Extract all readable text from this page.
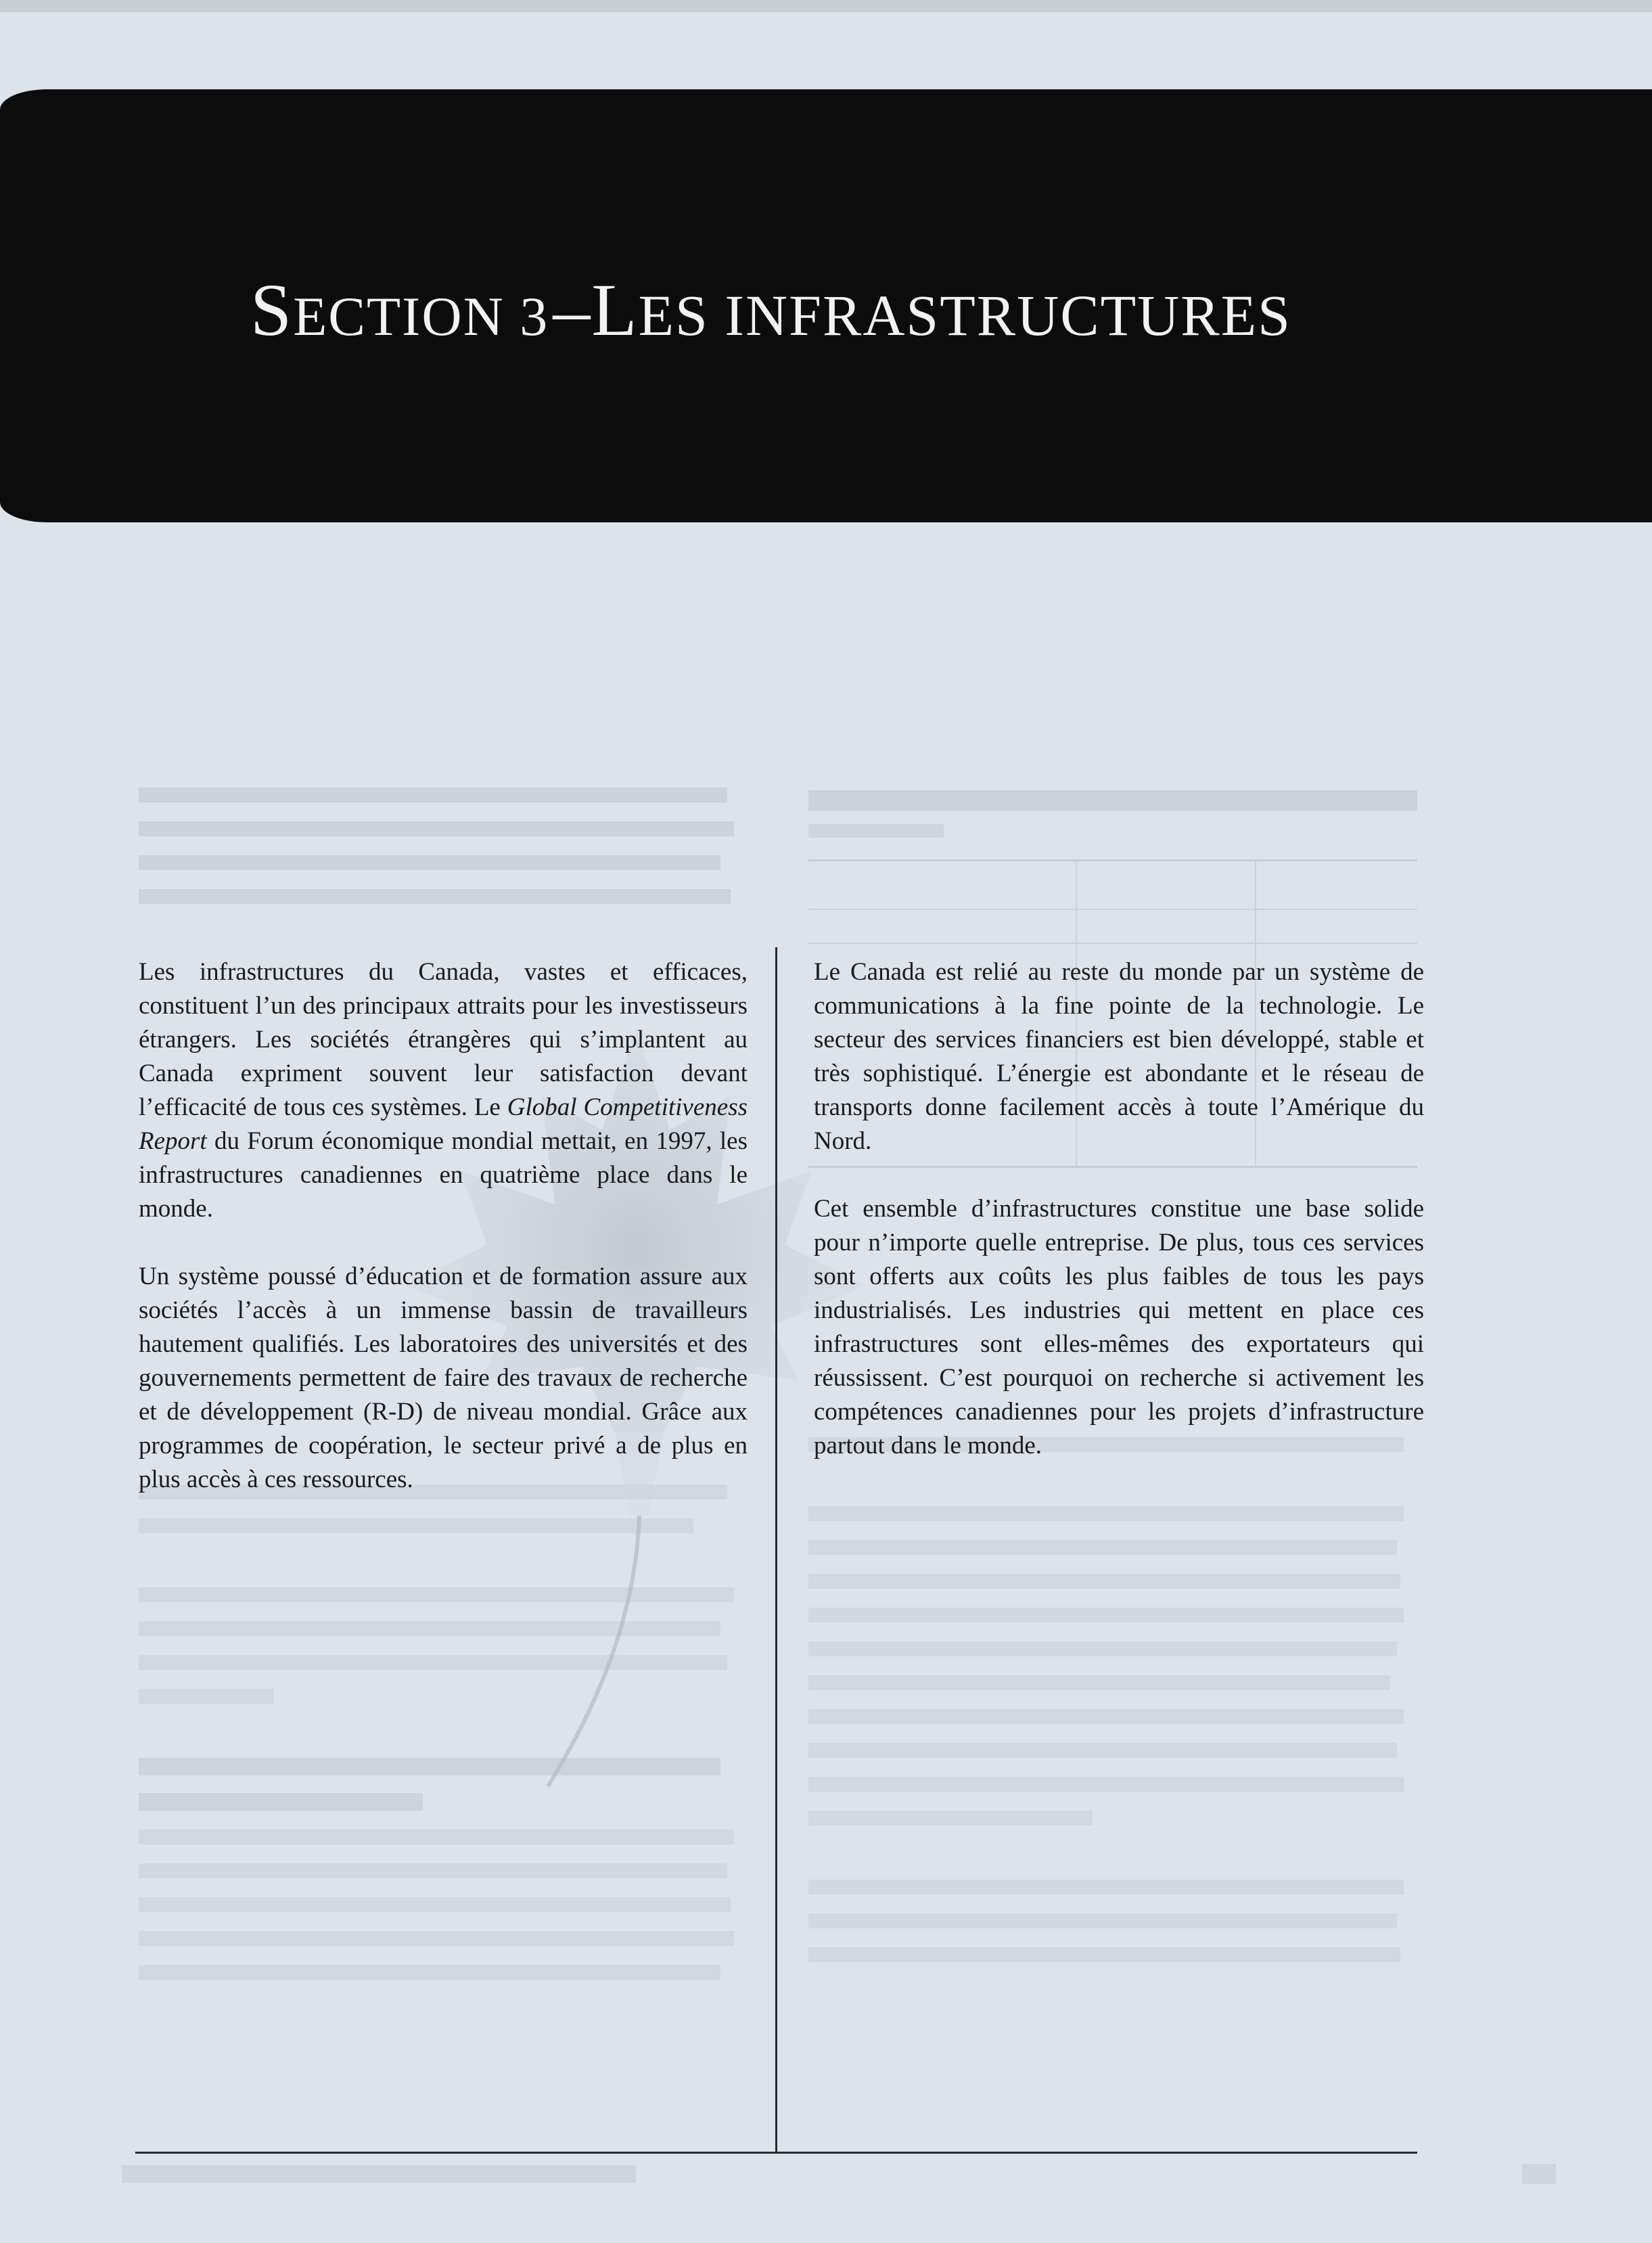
SECTION 3 –LES INFRASTRUCTURES

Les infrastructures du Canada, vastes et efficaces, constituent l’un des principaux attraits pour les investisseurs étrangers. Les sociétés étrangères qui s’implantent au Canada expriment souvent leur satisfaction devant l’efficacité de tous ces systèmes. Le Global Competitiveness Report du Forum économique mondial mettait, en 1997, les infrastructures canadiennes en quatrième place dans le monde.

Un système poussé d’éducation et de formation assure aux sociétés l’accès à un immense bassin de travailleurs hautement qualifiés. Les laboratoires des universités et des gouvernements permettent de faire des travaux de recherche et de développement (R-D) de niveau mondial. Grâce aux programmes de coopération, le secteur privé a de plus en plus accès à ces ressources.

Le Canada est relié au reste du monde par un système de communications à la fine pointe de la technologie. Le secteur des services financiers est bien développé, stable et très sophistiqué. L’énergie est abondante et le réseau de transports donne facilement accès à toute l’Amérique du Nord.

Cet ensemble d’infrastructures constitue une base solide pour n’importe quelle entreprise. De plus, tous ces services sont offerts aux coûts les plus faibles de tous les pays industrialisés. Les industries qui mettent en place ces infrastructures sont elles-mêmes des exportateurs qui réussissent. C’est pourquoi on recherche si activement les compétences canadiennes pour les projets d’infrastructure partout dans le monde.
